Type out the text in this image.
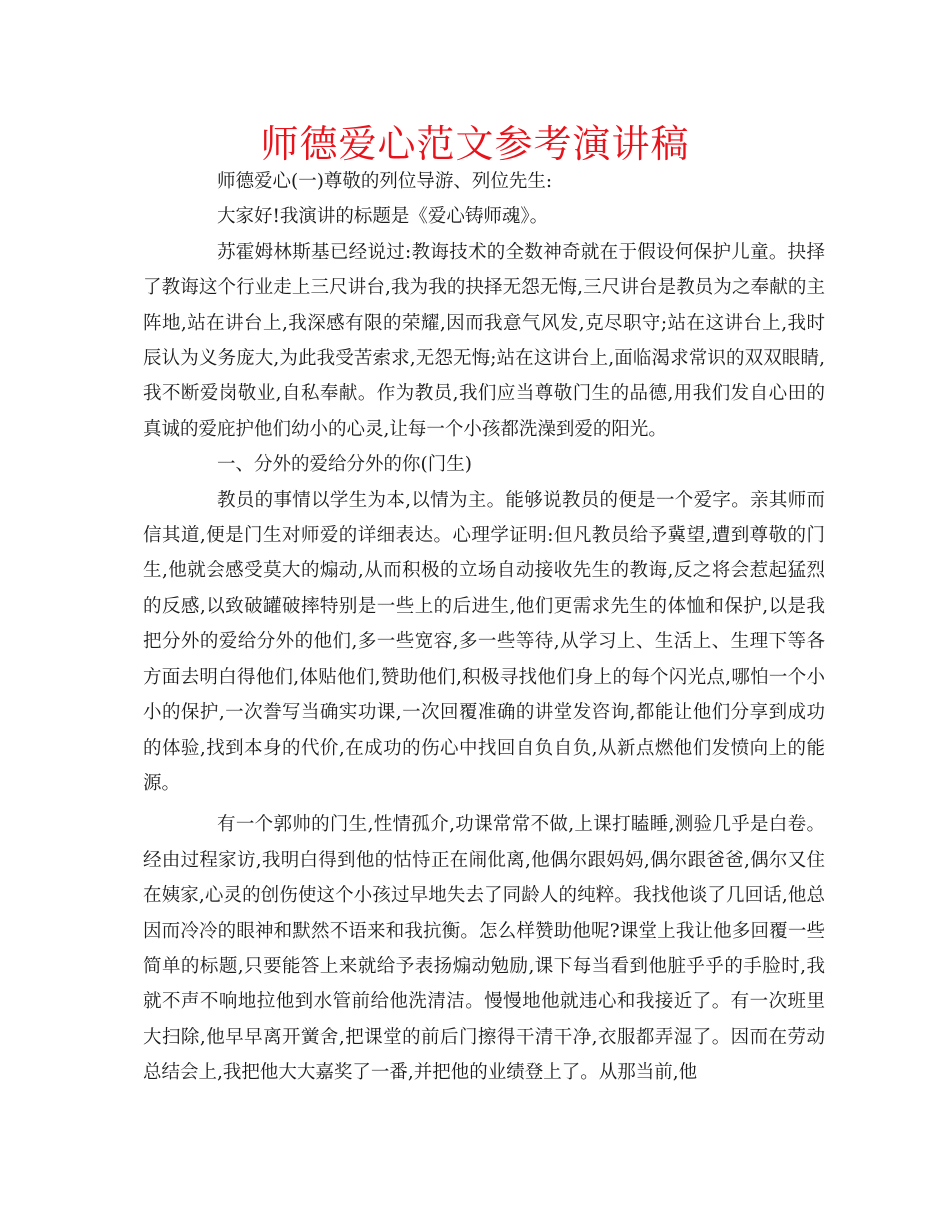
师德爱心范文参考演讲稿

师德爱心(一)尊敬的列位导游、列位先生:

大家好!我演讲的标题是《爱心铸师魂》。

苏霍姆林斯基已经说过:教诲技术的全数神奇就在于假设何保护儿童。抉择了教诲这个行业走上三尺讲台,我为我的抉择无怨无悔,三尺讲台是教员为之奉献的主阵地,站在讲台上,我深感有限的荣耀,因而我意气风发,克尽职守;站在这讲台上,我时辰认为义务庞大,为此我受苦索求,无怨无悔;站在这讲台上,面临渴求常识的双双眼睛,我不断爱岗敬业,自私奉献。作为教员,我们应当尊敬门生的品德,用我们发自心田的真诚的爱庇护他们幼小的心灵,让每一个小孩都洗澡到爱的阳光。

一、分外的爱给分外的你(门生)

教员的事情以学生为本,以情为主。能够说教员的便是一个爱字。亲其师而信其道,便是门生对师爱的详细表达。心理学证明:但凡教员给予冀望,遭到尊敬的门生,他就会感受莫大的煽动,从而积极的立场自动接收先生的教诲,反之将会惹起猛烈的反感,以致破罐破摔特别是一些上的后进生,他们更需求先生的体恤和保护,以是我把分外的爱给分外的他们,多一些宽容,多一些等待,从学习上、生活上、生理下等各方面去明白得他们,体贴他们,赞助他们,积极寻找他们身上的每个闪光点,哪怕一个小小的保护,一次誊写当确实功课,一次回覆准确的讲堂发咨询,都能让他们分享到成功的体验,找到本身的代价,在成功的伤心中找回自负自负,从新点燃他们发愤向上的能源。

有一个郭帅的门生,性情孤介,功课常常不做,上课打瞌睡,测验几乎是白卷。经由过程家访,我明白得到他的怙恃正在闹仳离,他偶尔跟妈妈,偶尔跟爸爸,偶尔又住在姨家,心灵的创伤使这个小孩过早地失去了同龄人的纯粹。我找他谈了几回话,他总因而冷冷的眼神和默然不语来和我抗衡。怎么样赞助他呢?课堂上我让他多回覆一些简单的标题,只要能答上来就给予表扬煽动勉励,课下每当看到他脏乎乎的手脸时,我就不声不响地拉他到水管前给他洗清洁。慢慢地他就违心和我接近了。有一次班里大扫除,他早早离开黉舍,把课堂的前后门擦得干清干净,衣服都弄湿了。因而在劳动总结会上,我把他大大嘉奖了一番,并把他的业绩登上了。从那当前,他
